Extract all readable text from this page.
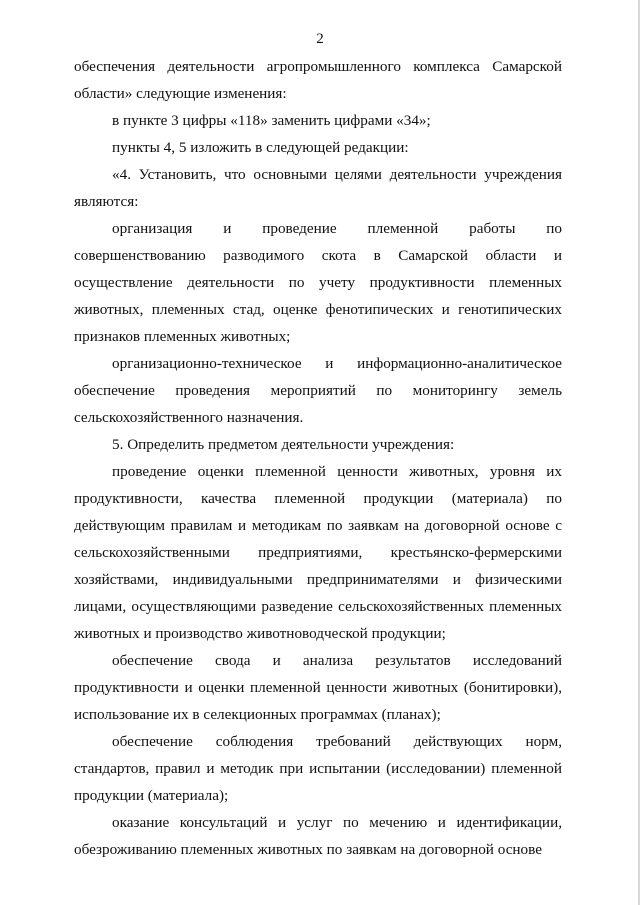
2

обеспечения деятельности агропромышленного комплекса Самарской области» следующие изменения:

в пункте 3 цифры «118» заменить цифрами «34»;

пункты 4, 5 изложить в следующей редакции:

«4. Установить, что основными целями деятельности учреждения являются:

организация и проведение племенной работы по совершенствованию разводимого скота в Самарской области и осуществление деятельности по учету продуктивности племенных животных, племенных стад, оценке фенотипических и генотипических признаков племенных животных;

организационно-техническое и информационно-аналитическое обеспечение проведения мероприятий по мониторингу земель сельскохозяйственного назначения.

5. Определить предметом деятельности учреждения:

проведение оценки племенной ценности животных, уровня их продуктивности, качества племенной продукции (материала) по действующим правилам и методикам по заявкам на договорной основе с сельскохозяйственными предприятиями, крестьянско-фермерскими хозяйствами, индивидуальными предпринимателями и физическими лицами, осуществляющими разведение сельскохозяйственных племенных животных и производство животноводческой продукции;

обеспечение свода и анализа результатов исследований продуктивности и оценки племенной ценности животных (бонитировки), использование их в селекционных программах (планах);

обеспечение соблюдения требований действующих норм, стандартов, правил и методик при испытании (исследовании) племенной продукции (материала);

оказание консультаций и услуг по мечению и идентификации, обезроживанию племенных животных по заявкам на договорной основе
